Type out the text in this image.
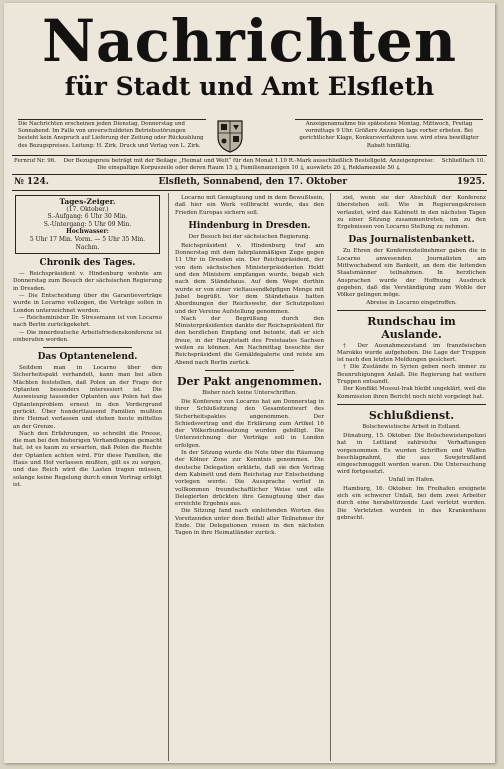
Nachrichten
für Stadt und Amt Elsfleth
Die Nachrichten erscheinen jeden Dienstag, Donnerstag und Sonnabend. Im Falle von unverschuldeten Betriebsstörungen besteht kein Anspruch auf Lieferung der Zeitung oder Rückzahlung des Bezugspreises. Leitung: H. Zirk. Druck und Verlag von L. Zirk.
Anzeigenannahme bis spätestens Montag, Mittwoch, Freitag vormittags 9 Uhr. Größere Anzeigen tags vorher erbeten. Bei gerichtlicher Klage, Konkursverfahren usw. wird etwa bewilligter Rabatt hinfällig.
Fernruf Nr. 96.	Der Bezugspreis beträgt mit der Beilage „Heimat und Welt“ für den Monat 1.10 R.-Mark ausschließlich Bestellgeld. Anzeigenpreise: Die einspaltige Korpuszeile oder deren Raum 15 ₰, Familienanzeigen 10 ₰, auswärts 20 ₰, Reklamezeile 50 ₰.
Schließfach 10.
№ 124.	Elsfleth, Sonnabend, den 17. Oktober	1925.
Tages-Zeiger.
(17. Oktober.)
S.-Aufgang: 6 Uhr 30 Min.
S.-Untergang: 5 Uhr 09 Min.
Hochwasser:
5 Uhr 17 Min. Vorm. — 5 Uhr 35 Min. Nachm.
Chronik des Tages.

— Reichspräsident v. Hindenburg wohnte am Donnerstag zum Besuch der sächsischen Regierung in Dresden.

— Die Entscheidung über die Garantieverträge wurde in Locarno vollzogen, die Verträge sollen in London unterzeichnet werden.

— Reichsminister Dr. Stresemann ist von Locarno nach Berlin zurückgekehrt.

— Die innerdeutsche Arbeitsfriedenskonferenz ist einberufen worden.

Das Optantenelend.

Seitdem man in Locarno über den Sicherheitspakt verhandelt, kann man bei allen Mächten feststellen, daß Polen an der Frage der Optanten besonders interessiert ist. Die Ausweisung tausender Optanten aus Polen hat das Optantenproblem erneut in den Vordergrund gerückt. Über hunderttausend Familien mußten ihre Heimat verlassen und stehen heute mittellos an der Grenze.

Nach den Erfahrungen, so schreibt die Presse, die man bei den bisherigen Verhandlungen gemacht hat, ist es kaum zu erwarten, daß Polen die Rechte der Optanten achten wird. Für diese Familien, die Haus und Hof verlassen mußten, gilt es zu sorgen, und das Reich wird die Lasten tragen müssen, solange keine Regelung durch einen Vertrag erfolgt ist.

Locarno mit Genugtuung und in dem Bewußtsein, daß hier ein Werk vollbracht wurde, das den Frieden Europas sichern soll.

Hindenburg in Dresden.
Der Besuch bei der sächsischen Regierung.

Reichspräsident v. Hindenburg traf am Donnerstag mit dem fahrplanmäßigen Zuge gegen 11 Uhr in Dresden ein. Der Reichspräsident, der von dem sächsischen Ministerpräsidenten Heldt und den Ministern empfangen wurde, begab sich nach dem Ständehaus. Auf dem Wege dorthin wurde er von einer vieltausendköpfigen Menge mit Jubel begrüßt. Vor dem Ständehaus hatten Abordnungen der Reichswehr, der Schutzpolizei und der Vereine Aufstellung genommen.

Nach der Begrüßung durch den Ministerpräsidenten dankte der Reichspräsident für den herzlichen Empfang und betonte, daß er sich freue, in der Hauptstadt des Freistaates Sachsen weilen zu können. Am Nachmittag besuchte der Reichspräsident die Gemäldegalerie und reiste am Abend nach Berlin zurück.

Der Pakt angenommen.
Bisher noch keine Unterschriften.

Die Konferenz von Locarno hat am Donnerstag in ihrer Schlußsitzung den Gesamtentwurf des Sicherheitspaktes angenommen. Der Schiedsvertrag und die Erklärung zum Artikel 16 der Völkerbundssatzung wurden gebilligt. Die Unterzeichnung der Verträge soll in London erfolgen.

In der Sitzung wurde die Note über die Räumung der Kölner Zone zur Kenntnis genommen. Die deutsche Delegation erklärte, daß sie den Vertrag dem Kabinett und dem Reichstag zur Entscheidung vorlegen werde. Die Aussprache verlief in vollkommen freundschaftlicher Weise und alle Delegierten drückten ihre Genugtuung über das erreichte Ergebnis aus.

Die Sitzung fand nach einleitenden Worten des Vorsitzenden unter dem Beifall aller Teilnehmer ihr Ende. Die Delegationen reisen in den nächsten Tagen in ihre Heimatländer zurück.

ziel, wenn sie der Abschluß der Konferenz überstehen soll. Wie in Regierungskreisen verlautet, wird das Kabinett in den nächsten Tagen zu einer Sitzung zusammentreten, um zu den Ergebnissen von Locarno Stellung zu nehmen.

Das Journalistenbankett.

Zu Ehren der Konferenzteilnehmer gaben die in Locarno anwesenden Journalisten am Mittwochabend ein Bankett, an dem die leitenden Staatsmänner teilnahmen. In herzlichen Ansprachen wurde der Hoffnung Ausdruck gegeben, daß die Verständigung zum Wohle der Völker gelingen möge.

Abreise in Locarno eingetroffen.
Rundschau im Auslande.

† Der Ausnahmezustand im französischen Marokko wurde aufgehoben. Die Lage der Truppen ist nach den letzten Meldungen gesichert.

† Die Zustände in Syrien geben noch immer zu Beunruhigungen Anlaß. Die Regierung hat weitere Truppen entsandt.

Der Konflikt Mossul-Irak bleibt ungeklärt, weil die Kommission ihren Bericht noch nicht vorgelegt hat.

Schlußdienst.
Bolschewistische Arbeit in Estland.

Dünaburg, 15. Oktober. Die Bolschewistenpolizei hat in Lettland zahlreiche Verhaftungen vorgenommen. Es wurden Schriften und Waffen beschlagnahmt, die aus Sowjetrußland eingeschmuggelt worden waren. Die Untersuchung wird fortgesetzt.

Unfall im Hafen.

Hamburg, 16. Oktober. Im Freihafen ereignete sich ein schwerer Unfall, bei dem zwei Arbeiter durch eine herabstürzende Last verletzt wurden. Die Verletzten wurden in das Krankenhaus gebracht.
